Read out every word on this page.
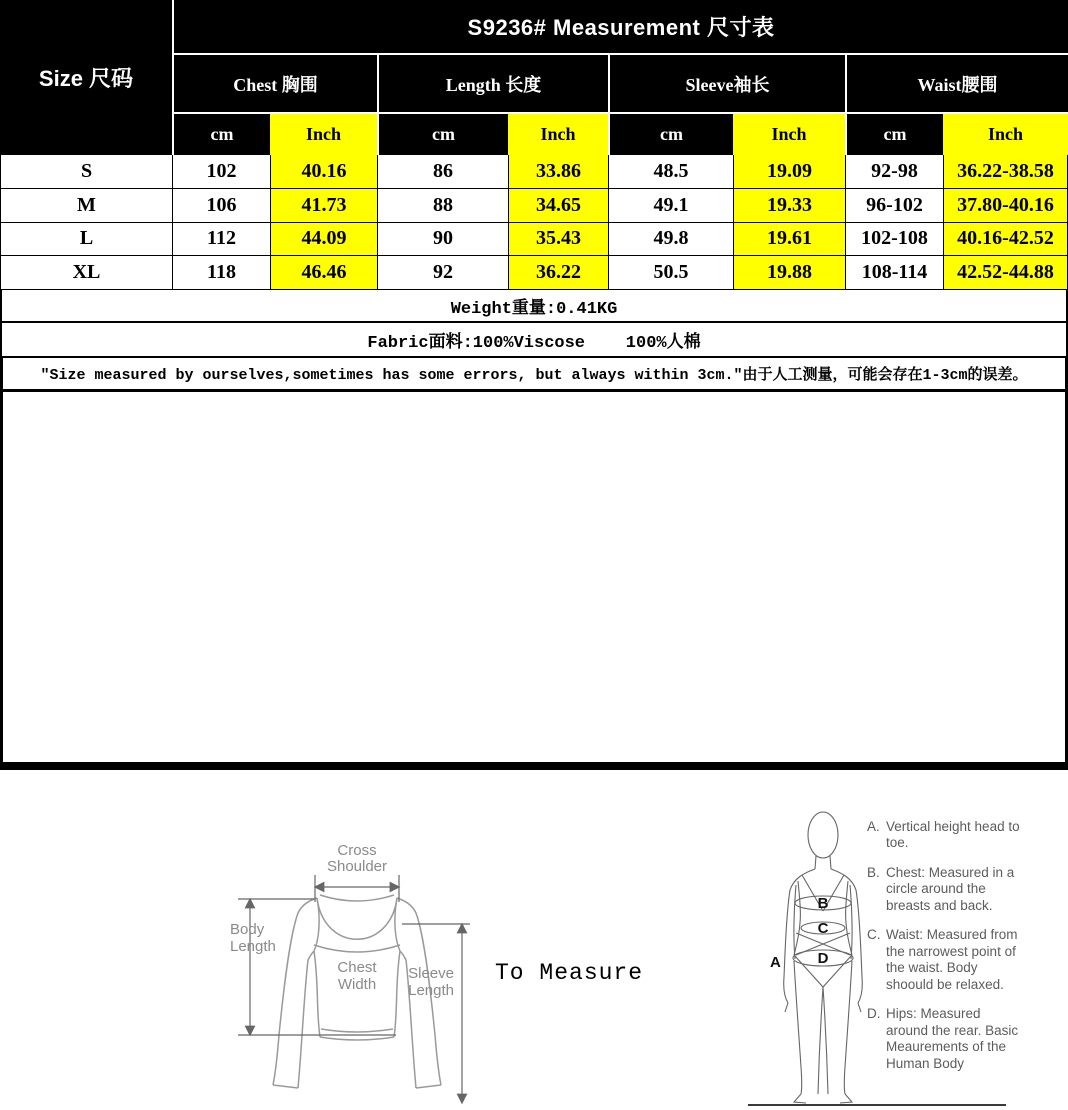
Size 尺码
S9236# Measurement 尺寸表
Chest 胸围	Length 长度	Sleeve袖长	Waist腰围
cm	Inch	cm	Inch	cm	Inch	cm	Inch
S	102	40.16	86	33.86	48.5	19.09	92-98	36.22-38.58
M	106	41.73	88	34.65	49.1	19.33	96-102	37.80-40.16
L	112	44.09	90	35.43	49.8	19.61	102-108	40.16-42.52
XL	118	46.46	92	36.22	50.5	19.88	108-114	42.52-44.88
Weight重量:0.41KG
Fabric面料:100%Viscose    100%人棉
″Size measured by ourselves,sometimes has some errors, but always within 3cm.″由于人工测量，可能会存在1-3cm的误差。
Cross
Shoulder
Body
Length
Chest
Width
Sleeve
Length
To Measure	A
B
C
D
A. Vertical height head to toe.
B. Chest: Measured in a circle around the breasts and back.
C. Waist: Measured from the narrowest point of the waist. Body shoould be relaxed.
D. Hips: Measured around the rear. Basic Meaurements of the Human Body
